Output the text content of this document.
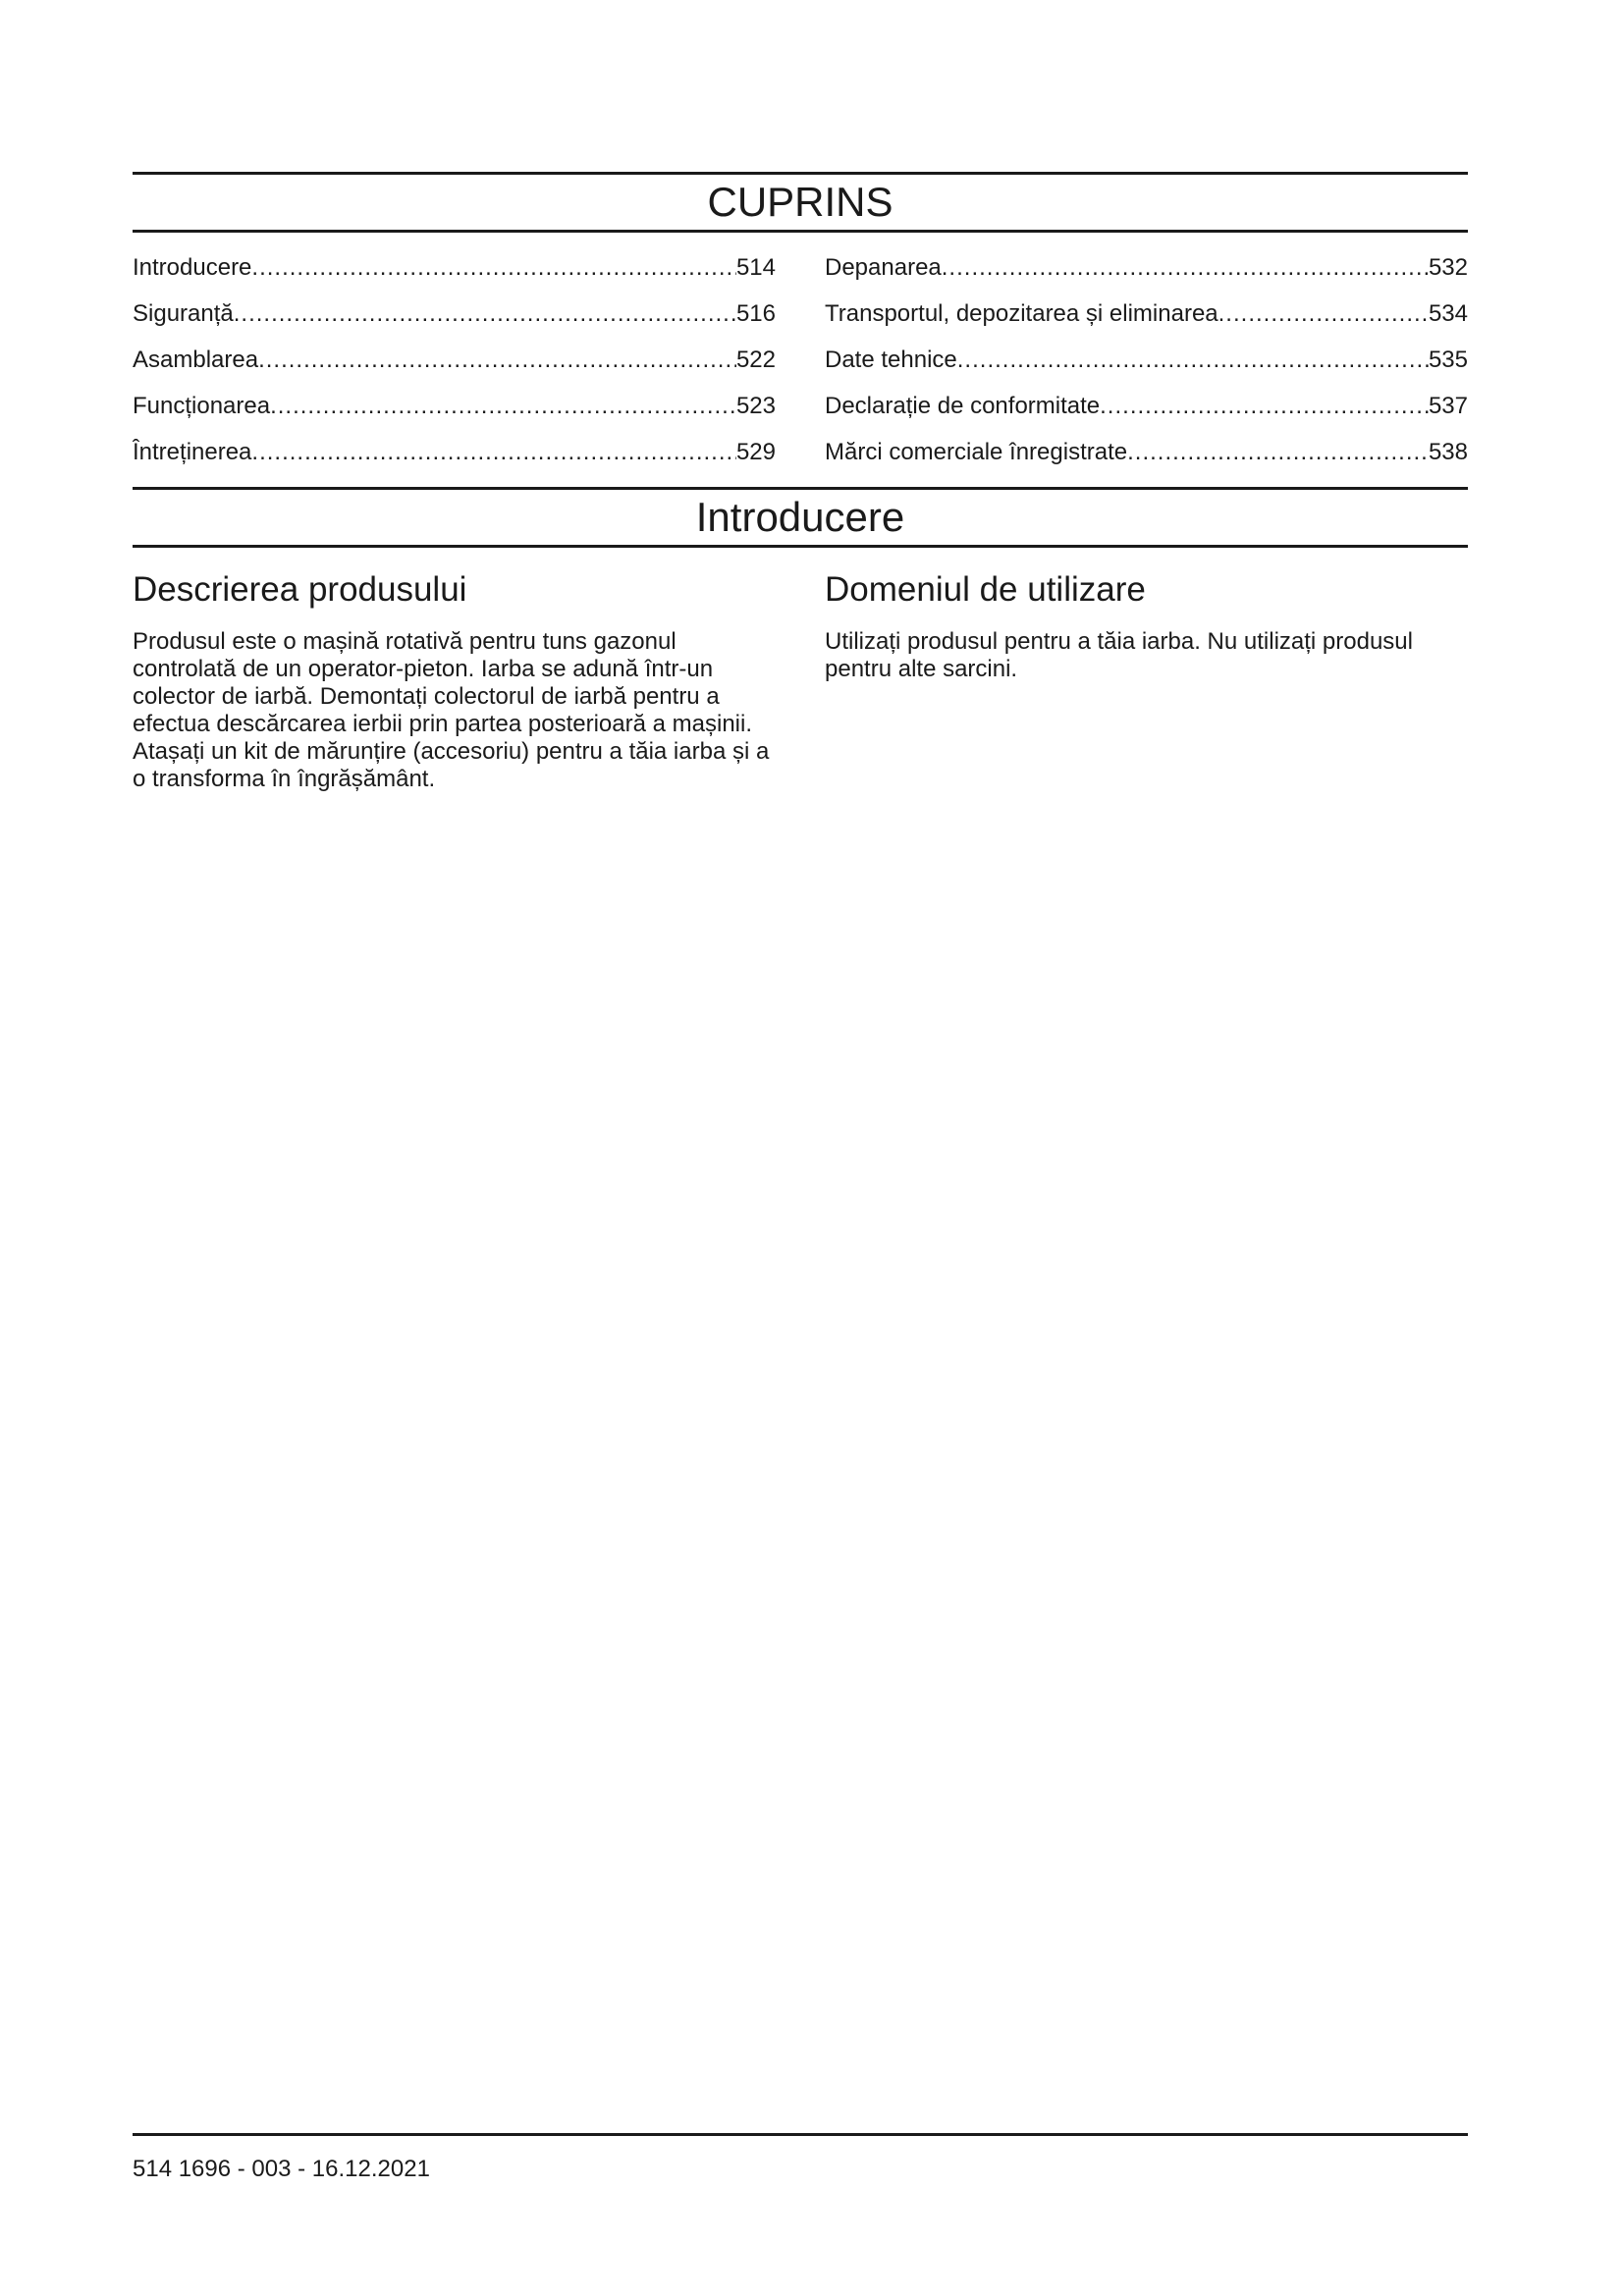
CUPRINS
Introducere .....	514
Siguranță .....	516
Asamblarea .....	522
Funcționarea .....	523
Întreținerea .....	529
Depanarea .....	532
Transportul, depozitarea și eliminarea .....	534
Date tehnice .....	535
Declarație de conformitate .....	537
Mărci comerciale înregistrate .....	538
Introducere
Descrierea produsului

Produsul este o mașină rotativă pentru tuns gazonul controlată de un operator-pieton. Iarba se adună într-un colector de iarbă. Demontați colectorul de iarbă pentru a efectua descărcarea ierbii prin partea posterioară a mașinii. Atașați un kit de mărunțire (accesoriu) pentru a tăia iarba și a o transforma în îngrășământ.

Domeniul de utilizare

Utilizați produsul pentru a tăia iarba. Nu utilizați produsul pentru alte sarcini.

514 1696 - 003 - 16.12.2021
